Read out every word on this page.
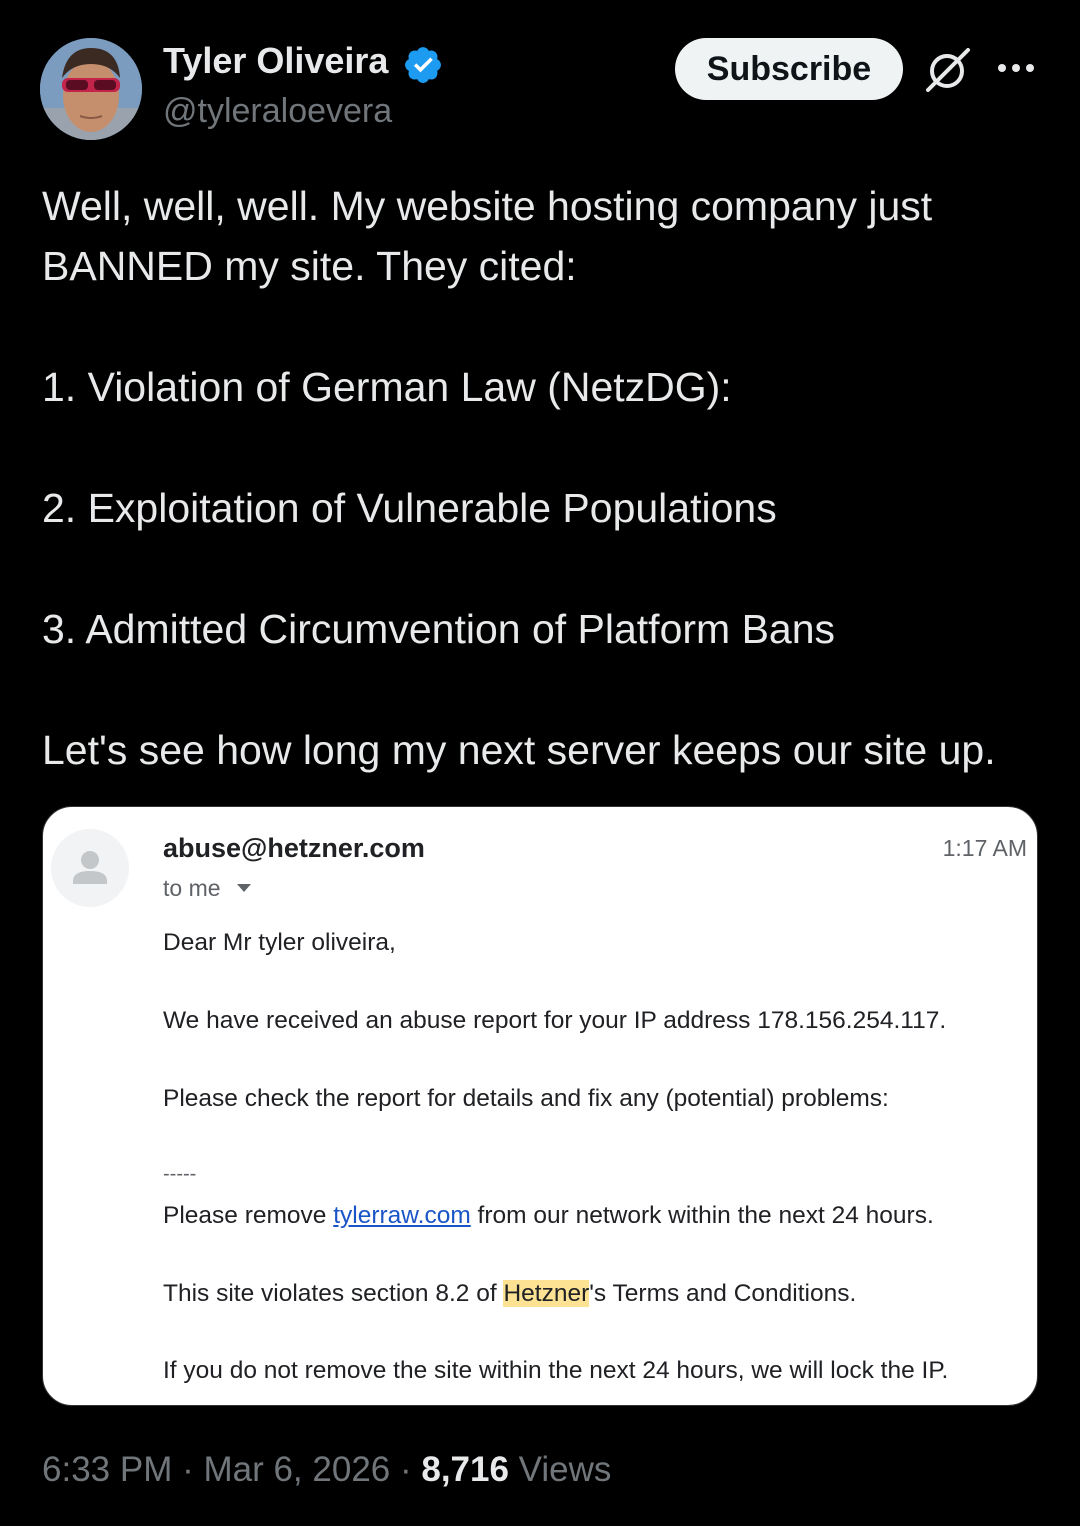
Tyler Oliveira
@tyleraloevera
Subscribe

Well, well, well. My website hosting company just BANNED my site. They cited:

1. Violation of German Law (NetzDG):

2. Exploitation of Vulnerable Populations

3. Admitted Circumvention of Platform Bans

Let's see how long my next server keeps our site up.

abuse@hetzner.com	1:17 AM
to me
Dear Mr tyler oliveira,
We have received an abuse report for your IP address 178.156.254.117.
Please check the report for details and fix any (potential) problems:
-----
Please remove tylerraw.com from our network within the next 24 hours.
This site violates section 8.2 of Hetzner's Terms and Conditions.
If you do not remove the site within the next 24 hours, we will lock the IP.
6:33 PM · Mar 6, 2026 · 8,716 Views
